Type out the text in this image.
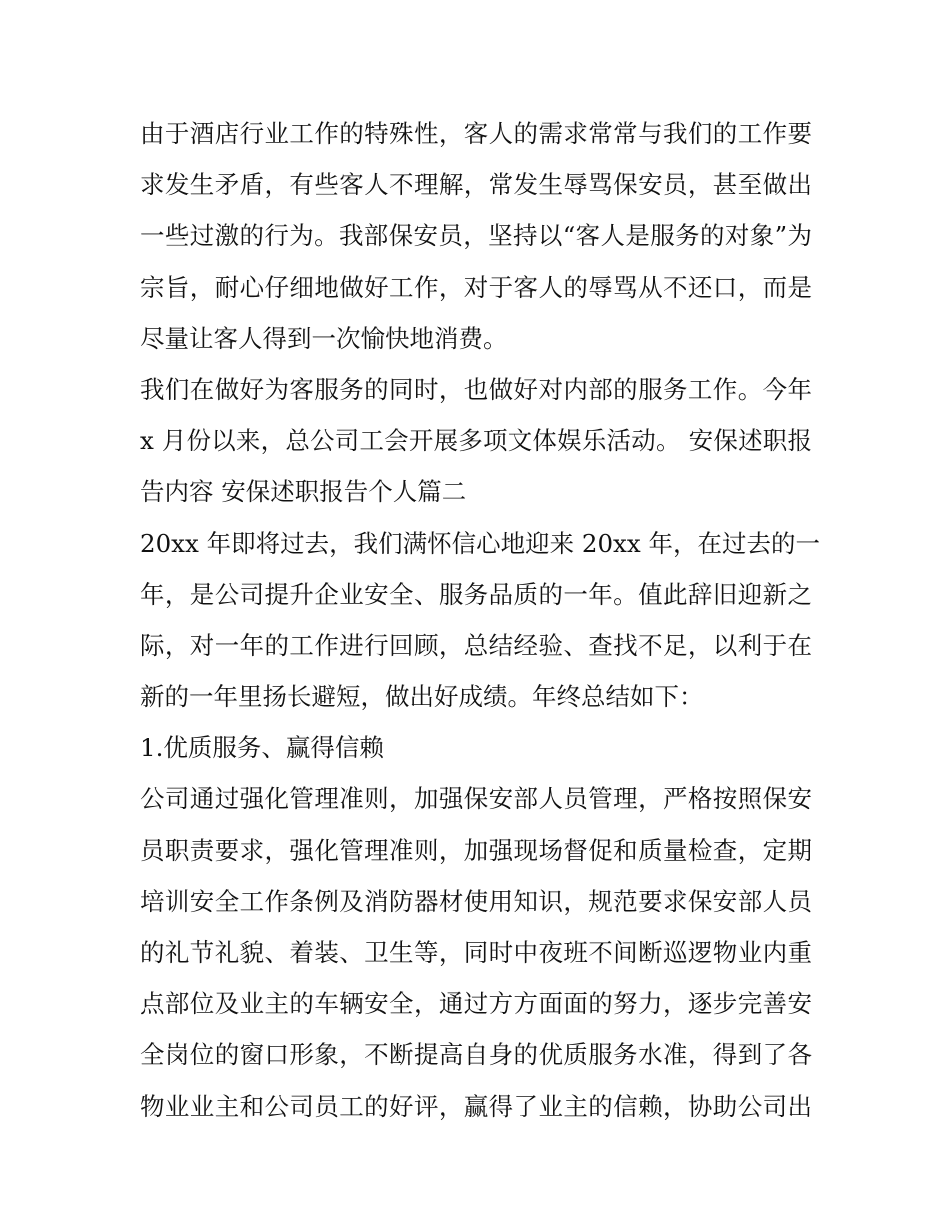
由于酒店行业工作的特殊性，客人的需求常常与我们的工作要
求发生矛盾，有些客人不理解，常发生辱骂保安员，甚至做出
一些过激的行为。我部保安员，坚持以“客人是服务的对象”为
宗旨，耐心仔细地做好工作，对于客人的辱骂从不还口，而是
尽量让客人得到一次愉快地消费。
我们在做好为客服务的同时，也做好对内部的服务工作。今年
x 月份以来，总公司工会开展多项文体娱乐活动。 安保述职报
告内容 安保述职报告个人篇二
20xx 年即将过去，我们满怀信心地迎来 20xx 年，在过去的一
年，是公司提升企业安全、服务品质的一年。值此辞旧迎新之
际，对一年的工作进行回顾，总结经验、查找不足，以利于在
新的一年里扬长避短，做出好成绩。年终总结如下：
1.优质服务、赢得信赖
公司通过强化管理准则，加强保安部人员管理，严格按照保安
员职责要求，强化管理准则，加强现场督促和质量检查，定期
培训安全工作条例及消防器材使用知识，规范要求保安部人员
的礼节礼貌、着装、卫生等，同时中夜班不间断巡逻物业内重
点部位及业主的车辆安全，通过方方面面的努力，逐步完善安
全岗位的窗口形象，不断提高自身的优质服务水准，得到了各
物业业主和公司员工的好评，赢得了业主的信赖，协助公司出
